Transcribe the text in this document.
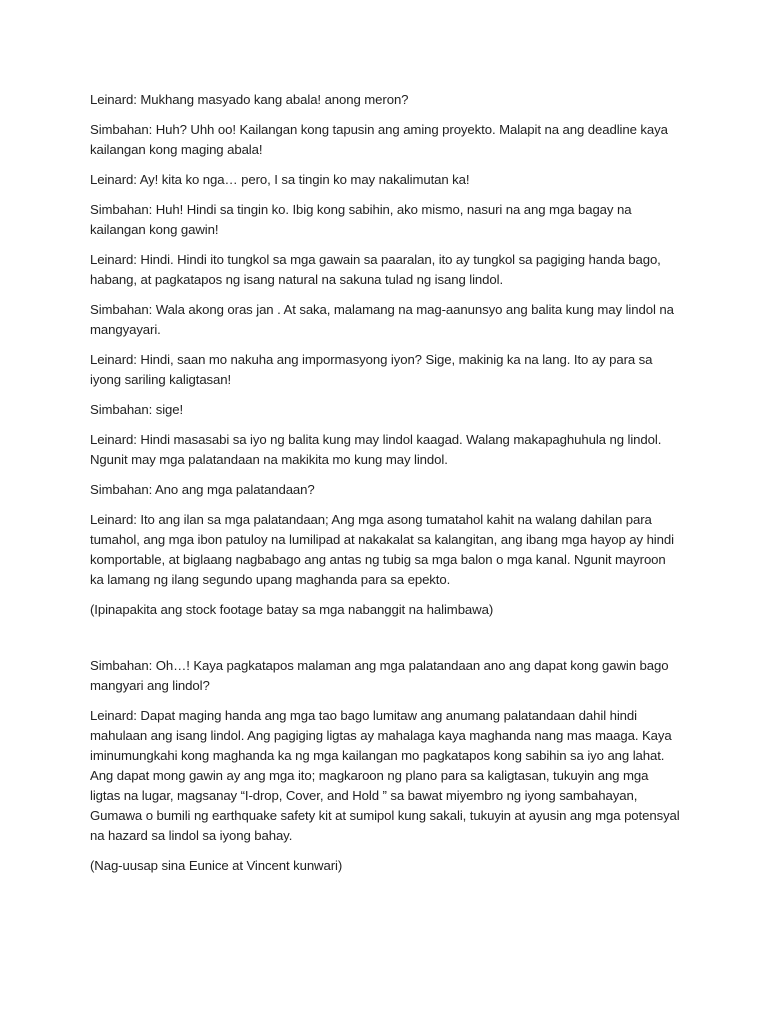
Leinard: Mukhang masyado kang abala! anong meron?

Simbahan: Huh? Uhh oo! Kailangan kong tapusin ang aming proyekto. Malapit na ang deadline kaya kailangan kong maging abala!

Leinard: Ay! kita ko nga… pero, I sa tingin ko may nakalimutan ka!

Simbahan: Huh! Hindi sa tingin ko. Ibig kong sabihin, ako mismo, nasuri na ang mga bagay na kailangan kong gawin!

Leinard: Hindi. Hindi ito tungkol sa mga gawain sa paaralan, ito ay tungkol sa pagiging handa bago, habang, at pagkatapos ng isang natural na sakuna tulad ng isang lindol.

Simbahan: Wala akong oras jan . At saka, malamang na mag-aanunsyo ang balita kung may lindol na mangyayari.

Leinard: Hindi, saan mo nakuha ang impormasyong iyon? Sige, makinig ka na lang. Ito ay para sa iyong sariling kaligtasan!

Simbahan: sige!

Leinard: Hindi masasabi sa iyo ng balita kung may lindol kaagad. Walang makapaghuhula ng lindol. Ngunit may mga palatandaan na makikita mo kung may lindol.

Simbahan: Ano ang mga palatandaan?

Leinard: Ito ang ilan sa mga palatandaan; Ang mga asong tumatahol kahit na walang dahilan para tumahol, ang mga ibon patuloy na lumilipad at nakakalat sa kalangitan, ang ibang mga hayop ay hindi komportable, at biglaang nagbabago ang antas ng tubig sa mga balon o mga kanal. Ngunit mayroon ka lamang ng ilang segundo upang maghanda para sa epekto.

(Ipinapakita ang stock footage batay sa mga nabanggit na halimbawa)

Simbahan: Oh…! Kaya pagkatapos malaman ang mga palatandaan ano ang dapat kong gawin bago mangyari ang lindol?

Leinard: Dapat maging handa ang mga tao bago lumitaw ang anumang palatandaan dahil hindi mahulaan ang isang lindol. Ang pagiging ligtas ay mahalaga kaya maghanda nang mas maaga. Kaya iminumungkahi kong maghanda ka ng mga kailangan mo pagkatapos kong sabihin sa iyo ang lahat. Ang dapat mong gawin ay ang mga ito; magkaroon ng plano para sa kaligtasan, tukuyin ang mga ligtas na lugar, magsanay “I-drop, Cover, and Hold ” sa bawat miyembro ng iyong sambahayan, Gumawa o bumili ng earthquake safety kit at sumipol kung sakali, tukuyin at ayusin ang mga potensyal na hazard sa lindol sa iyong bahay.

(Nag-uusap sina Eunice at Vincent kunwari)
